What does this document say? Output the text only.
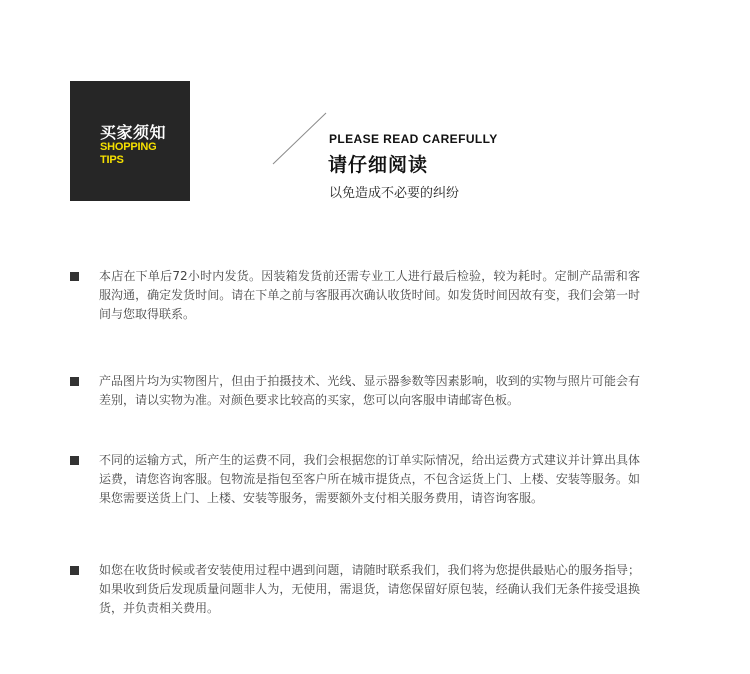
买家须知
SHOPPING
TIPS
PLEASE READ CAREFULLY
请仔细阅读
以免造成不必要的纠纷

本店在下单后72小时内发货。因装箱发货前还需专业工人进行最后检验，较为耗时。定制产品需和客服沟通，确定发货时间。请在下单之前与客服再次确认收货时间。如发货时间因故有变，我们会第一时间与您取得联系。

产品图片均为实物图片，但由于拍摄技术、光线、显示器参数等因素影响，收到的实物与照片可能会有差别，请以实物为准。对颜色要求比较高的买家，您可以向客服申请邮寄色板。

不同的运输方式，所产生的运费不同，我们会根据您的订单实际情况，给出运费方式建议并计算出具体运费，请您咨询客服。包物流是指包至客户所在城市提货点，不包含运货上门、上楼、安装等服务。如果您需要送货上门、上楼、安装等服务，需要额外支付相关服务费用，请咨询客服。

如您在收货时候或者安装使用过程中遇到问题，请随时联系我们，我们将为您提供最贴心的服务指导；如果收到货后发现质量问题非人为，无使用，需退货，请您保留好原包装，经确认我们无条件接受退换货，并负责相关费用。
